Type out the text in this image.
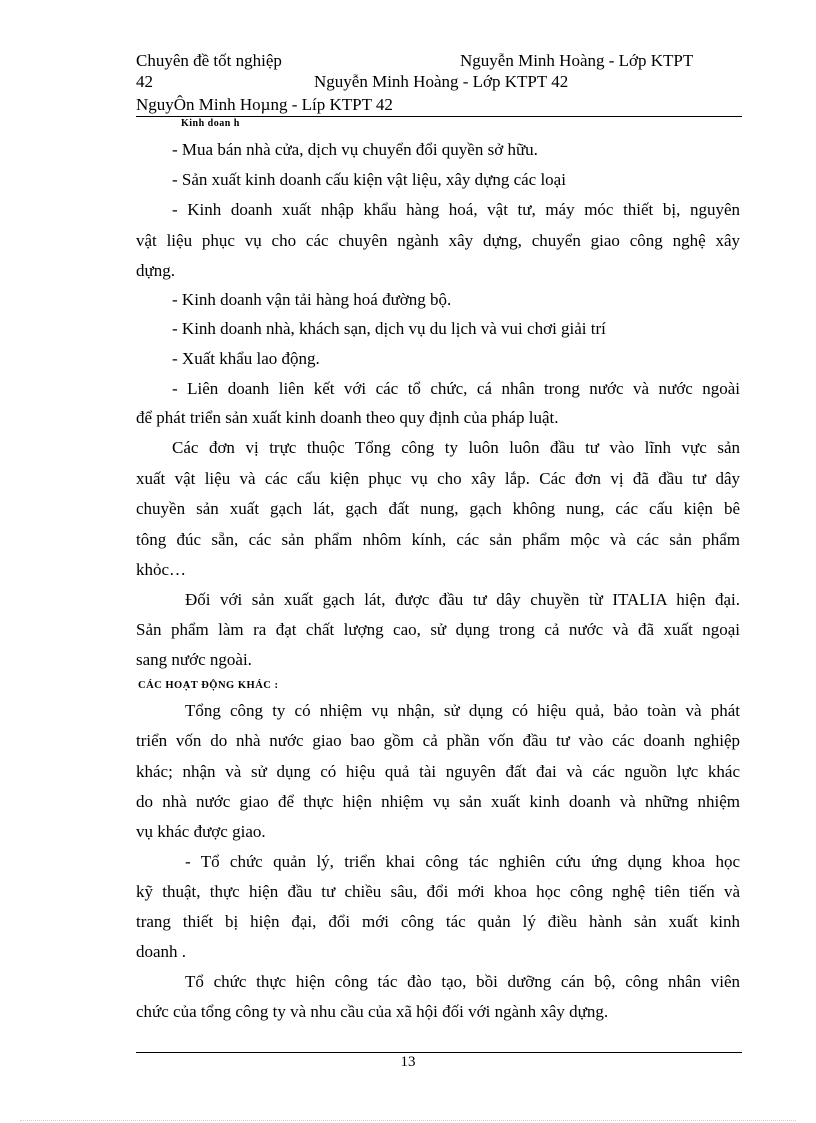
Chuyên đề tốt nghiệp	Nguyễn Minh Hoàng - Lớp KTPT
42	Nguyễn Minh Hoàng - Lớp KTPT 42
NguyÔn Minh Hoµng - Líp KTPT 42
Kinh doan h
- Mua bán nhà cửa, dịch vụ chuyển đổi quyền sở hữu.
- Sản xuất kinh doanh cấu kiện vật liệu, xây dựng các loại
- Kinh doanh xuất nhập khẩu hàng hoá, vật tư, máy móc thiết bị, nguyên
vật liệu phục vụ cho các chuyên ngành xây dựng, chuyển giao công nghệ xây
dựng.
- Kinh doanh vận tải hàng hoá đường bộ.
- Kinh doanh nhà, khách sạn, dịch vụ du lịch và vui chơi giải trí
- Xuất khẩu lao động.
- Liên doanh liên kết với các tổ chức, cá nhân trong nước và nước ngoài
để phát triển sản xuất kinh doanh theo quy định của pháp luật.
Các đơn vị trực thuộc Tổng công ty luôn luôn đầu tư vào lĩnh vực sản
xuất vật liệu và các cấu kiện phục vụ cho xây lắp. Các đơn vị đã đầu tư dây
chuyền sản xuất gạch lát, gạch đất nung, gạch không nung, các cấu kiện bê
tông đúc sẵn, các sản phẩm nhôm kính, các sản phẩm mộc và các sản phẩm
khỏc…
Đối với sản xuất gạch lát, được đầu tư dây chuyền từ ITALIA hiện đại.
Sản phẩm làm ra đạt chất lượng cao, sử dụng trong cả nước và đã xuất ngoại
sang nước ngoài.
CÁC HOẠT ĐỘNG KHÁC :
Tổng công ty có nhiệm vụ nhận, sử dụng có hiệu quả, bảo toàn và phát
triển vốn do nhà nước giao bao gồm cả phần vốn đầu tư vào các doanh nghiệp
khác; nhận và sử dụng có hiệu quả tài nguyên đất đai và các nguồn lực khác
do nhà nước giao để thực hiện nhiệm vụ sản xuất kinh doanh và những nhiệm
vụ khác được giao.
- Tổ chức quản lý, triển khai công tác nghiên cứu ứng dụng khoa học
kỹ thuật, thực hiện đầu tư chiều sâu, đổi mới khoa học công nghệ tiên tiến và
trang thiết bị hiện đại, đổi mới công tác quản lý điều hành sản xuất kinh
doanh .
Tổ chức thực hiện công tác đào tạo, bồi dưỡng cán bộ, công nhân viên
chức của tổng công ty và nhu cầu của xã hội đối với ngành xây dựng.
13
